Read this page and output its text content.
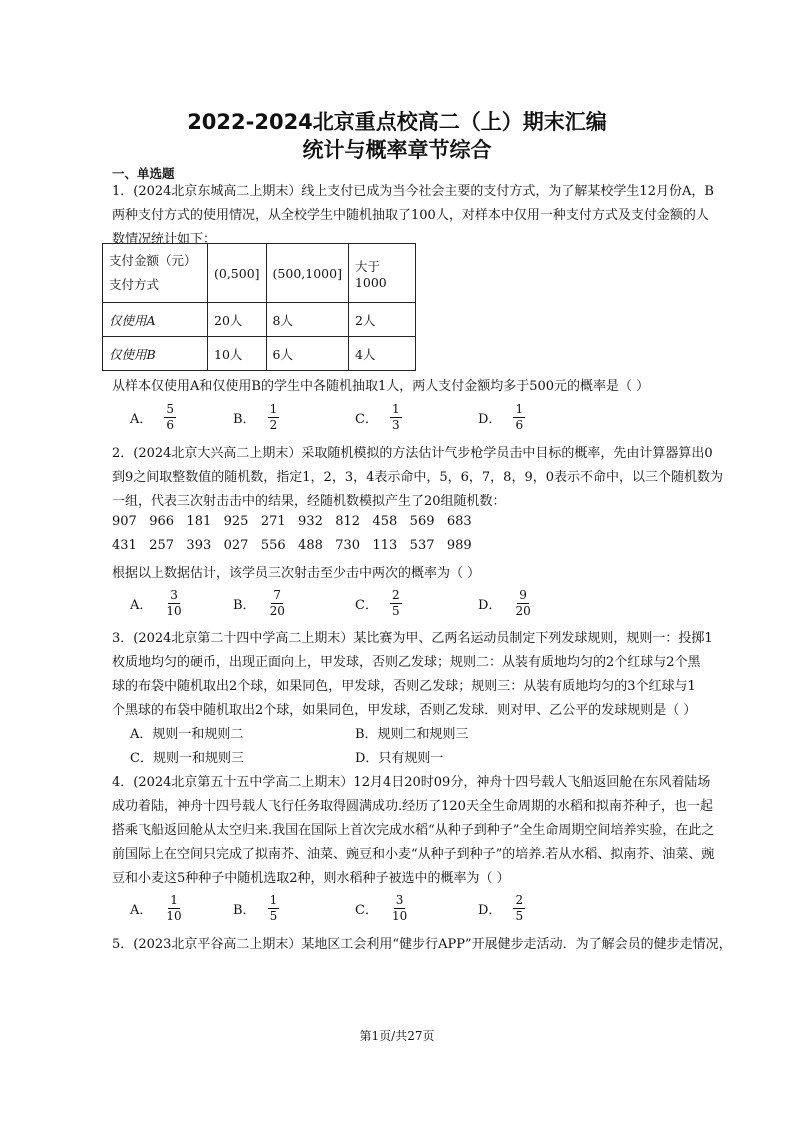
2022-2024北京重点校高二（上）期末汇编
统计与概率章节综合
一、单选题
1．(2024北京东城高二上期末）线上支付已成为当今社会主要的支付方式，为了解某校学生12月份A，B
两种支付方式的使用情况，从全校学生中随机抽取了100人，对样本中仅用一种支付方式及支付金额的人
数情况统计如下：
支付金额（元）
支付方式	(0,500]	(500,1000]	大于1000
仅使用A	20人	8人	2人
仅使用B	10人	6人	4人
从样本仅使用A和仅使用B的学生中各随机抽取1人，两人支付金额均多于500元的概率是（ ）
A． $\frac{5}{6}$	B． $\frac{1}{2}$	C． $\frac{1}{3}$	D． $\frac{1}{6}$
2．(2024北京大兴高二上期末）采取随机模拟的方法估计气步枪学员击中目标的概率，先由计算器算出0
到9之间取整数值的随机数，指定1，2，3，4表示命中，5，6，7，8，9，0表示不命中，以三个随机数为
一组，代表三次射击击中的结果，经随机数模拟产生了20组随机数：
907   966   181   925   271   932   812   458   569   683
431   257   393   027   556   488   730   113   537   989
根据以上数据估计，该学员三次射击至少击中两次的概率为（ ）
A． $\frac{3}{10}$	B． $\frac{7}{20}$	C． $\frac{2}{5}$	D． $\frac{9}{20}$
3．(2024北京第二十四中学高二上期末）某比赛为甲、乙两名运动员制定下列发球规则，规则一：投掷1
枚质地均匀的硬币，出现正面向上，甲发球，否则乙发球；规则二：从装有质地均匀的2个红球与2个黑
球的布袋中随机取出2个球，如果同色，甲发球，否则乙发球；规则三：从装有质地均匀的3个红球与1
个黑球的布袋中随机取出2个球，如果同色，甲发球，否则乙发球．则对甲、乙公平的发球规则是（ ）
A．规则一和规则二	B．规则二和规则三
C．规则一和规则三	D．只有规则一
4．(2024北京第五十五中学高二上期末）12月4日20时09分，神舟十四号载人飞船返回舱在东风着陆场
成功着陆，神舟十四号载人飞行任务取得圆满成功.经历了120天全生命周期的水稻和拟南芥种子，也一起
搭乘飞船返回舱从太空归来.我国在国际上首次完成水稻“从种子到种子”全生命周期空间培养实验，在此之
前国际上在空间只完成了拟南芥、油菜、豌豆和小麦“从种子到种子”的培养.若从水稻、拟南芥、油菜、豌
豆和小麦这5种种子中随机选取2种，则水稻种子被选中的概率为（ ）
A． $\frac{1}{10}$	B． $\frac{1}{5}$	C． $\frac{3}{10}$	D． $\frac{2}{5}$
5．(2023北京平谷高二上期末）某地区工会利用“健步行APP”开展健步走活动．为了解会员的健步走情况，
第1页/共27页
